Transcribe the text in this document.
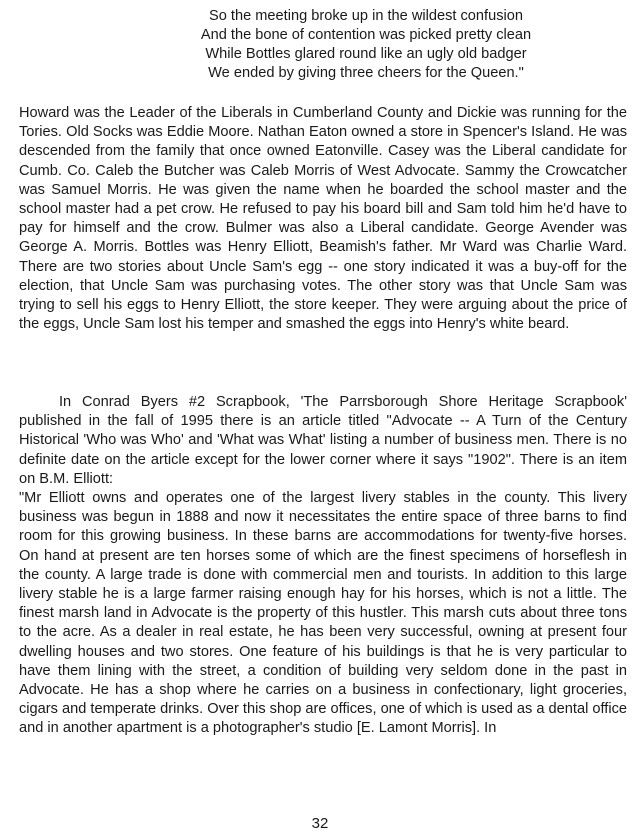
So the meeting broke up in the wildest confusion
And the bone of contention was picked pretty clean
While Bottles glared round like an ugly old badger
We ended by giving three cheers for the Queen."

Howard was the Leader of the Liberals in Cumberland County and Dickie was running for the Tories. Old Socks was Eddie Moore. Nathan Eaton owned a store in Spencer's Island. He was descended from the family that once owned Eatonville. Casey was the Liberal candidate for Cumb. Co. Caleb the Butcher was Caleb Morris of West Advocate. Sammy the Crowcatcher was Samuel Morris. He was given the name when he boarded the school master and the school master had a pet crow. He refused to pay his board bill and Sam told him he'd have to pay for himself and the crow. Bulmer was also a Liberal candidate. George Avender was George A. Morris. Bottles was Henry Elliott, Beamish's father. Mr Ward was Charlie Ward. There are two stories about Uncle Sam's egg -- one story indicated it was a buy-off for the election, that Uncle Sam was purchasing votes. The other story was that Uncle Sam was trying to sell his eggs to Henry Elliott, the store keeper. They were arguing about the price of the eggs, Uncle Sam lost his temper and smashed the eggs into Henry's white beard.

In Conrad Byers #2 Scrapbook, 'The Parrsborough Shore Heritage Scrapbook' published in the fall of 1995 there is an article titled "Advocate -- A Turn of the Century Historical 'Who was Who' and 'What was What' listing a number of business men. There is no definite date on the article except for the lower corner where it says "1902". There is an item on B.M. Elliott:

"Mr Elliott owns and operates one of the largest livery stables in the county. This livery business was begun in 1888 and now it necessitates the entire space of three barns to find room for this growing business. In these barns are accommodations for twenty-five horses. On hand at present are ten horses some of which are the finest specimens of horseflesh in the county. A large trade is done with commercial men and tourists. In addition to this large livery stable he is a large farmer raising enough hay for his horses, which is not a little. The finest marsh land in Advocate is the property of this hustler. This marsh cuts about three tons to the acre. As a dealer in real estate, he has been very successful, owning at present four dwelling houses and two stores. One feature of his buildings is that he is very particular to have them lining with the street, a condition of building very seldom done in the past in Advocate. He has a shop where he carries on a business in confectionary, light groceries, cigars and temperate drinks. Over this shop are offices, one of which is used as a dental office and in another apartment is a photographer's studio [E. Lamont Morris]. In

32
